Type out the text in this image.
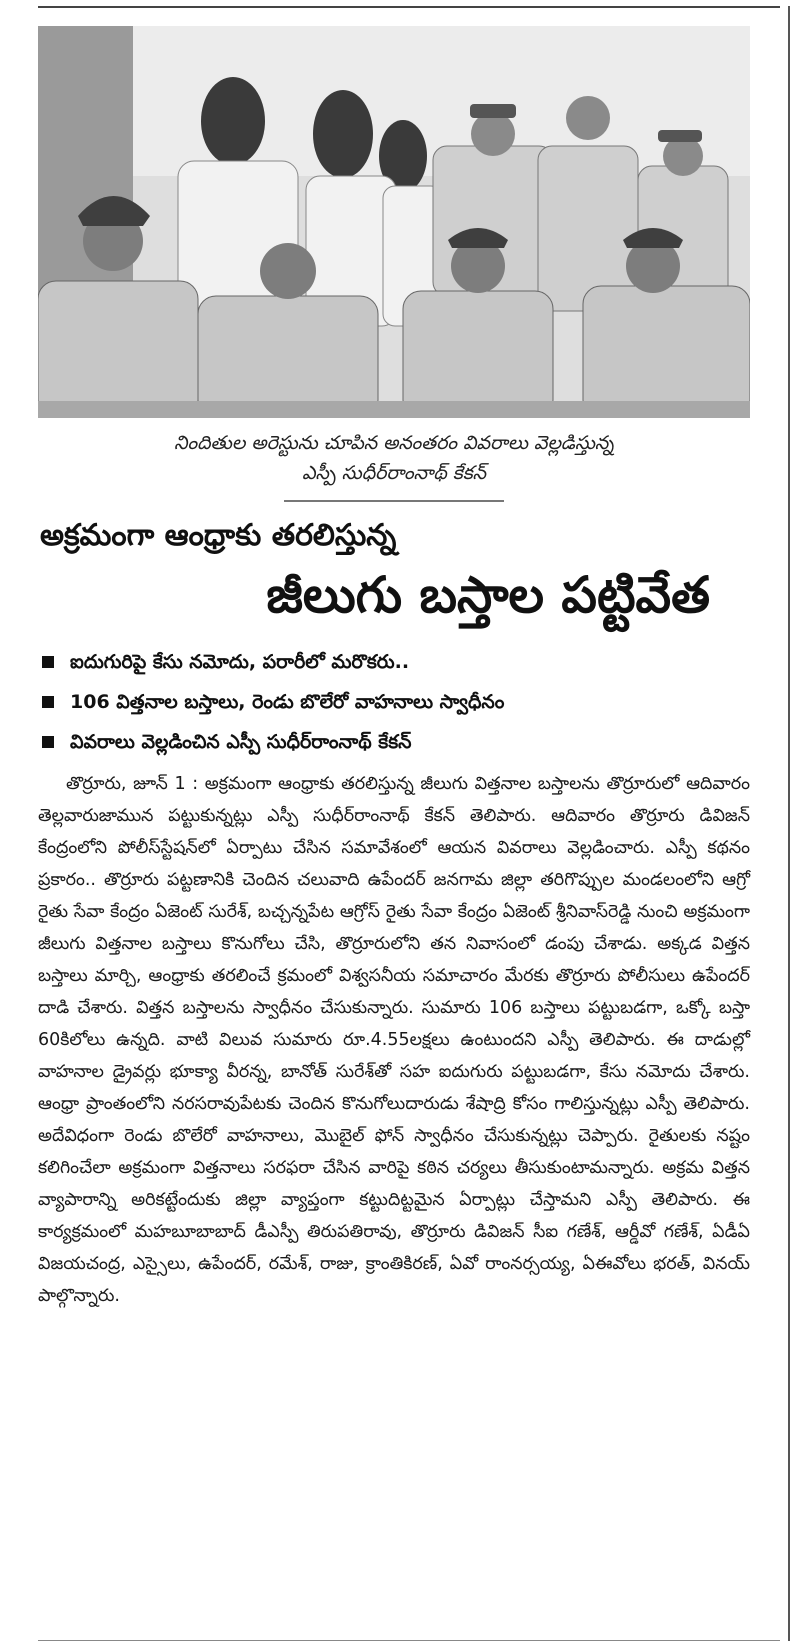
నిందితుల అరెస్టును చూపిన అనంతరం వివరాలు వెల్లడిస్తున్న
ఎస్పీ సుధీర్‌రాంనాథ్ కేకన్
అక్రమంగా ఆంధ్రాకు తరలిస్తున్న
జీలుగు బస్తాల పట్టివేత
ఐదుగురిపై కేసు నమోదు, పరారీలో మరొకరు..
106 విత్తనాల బస్తాలు, రెండు బొలేరో వాహనాలు స్వాధీనం
వివరాలు వెల్లడించిన ఎస్పీ సుధీర్‌రాంనాథ్ కేకన్
తొర్రూరు, జూన్ 1 : అక్రమంగా ఆంధ్రాకు తరలిస్తున్న జీలుగు విత్తనాల బస్తాలను తొర్రూరులో ఆదివారం తెల్లవారుజామున పట్టుకున్నట్లు ఎస్పీ సుధీర్‌రాంనాథ్ కేకన్ తెలిపారు. ఆదివారం తొర్రూరు డివిజన్ కేంద్రంలోని పోలీస్‌స్టేషన్‌లో ఏర్పాటు చేసిన సమావేశంలో ఆయన వివరాలు వెల్లడించారు. ఎస్పీ కథనం ప్రకారం.. తొర్రూరు పట్టణానికి చెందిన చలువాది ఉపేందర్ జనగామ జిల్లా తరిగొప్పుల మండలంలోని ఆగ్రో రైతు సేవా కేంద్రం ఏజెంట్ సురేశ్, బచ్చన్నపేట ఆగ్రోస్ రైతు సేవా కేంద్రం ఏజెంట్ శ్రీనివాస్‌రెడ్డి నుంచి అక్రమంగా జీలుగు విత్తనాల బస్తాలు కొనుగోలు చేసి, తొర్రూరులోని తన నివాసంలో డంపు చేశాడు. అక్కడ విత్తన బస్తాలు మార్చి, ఆంధ్రాకు తరలించే క్రమంలో విశ్వసనీయ సమాచారం మేరకు తొర్రూరు పోలీసులు ఉపేందర్ దాడి చేశారు. విత్తన బస్తాలను స్వాధీనం చేసుకున్నారు. సుమారు 106 బస్తాలు పట్టుబడగా, ఒక్కో బస్తా 60కిలోలు ఉన్నది. వాటి విలువ సుమారు రూ.4.55లక్షలు ఉంటుందని ఎస్పీ తెలిపారు. ఈ దాడుల్లో వాహనాల డ్రైవర్లు భూక్యా వీరన్న, బానోత్ సురేశ్‌తో సహ ఐదుగురు పట్టుబడగా, కేసు నమోదు చేశారు. ఆంధ్రా ప్రాంతంలోని నరసరావుపేటకు చెందిన కొనుగోలుదారుడు శేషాద్రి కోసం గాలిస్తున్నట్లు ఎస్పీ తెలిపారు. అదేవిధంగా రెండు బొలేరో వాహనాలు, మొబైల్ ఫోన్ స్వాధీనం చేసుకున్నట్లు చెప్పారు. రైతులకు నష్టం కలిగించేలా అక్రమంగా విత్తనాలు సరఫరా చేసిన వారిపై కఠిన చర్యలు తీసుకుంటామన్నారు. అక్రమ విత్తన వ్యాపారాన్ని అరికట్టేందుకు జిల్లా వ్యాప్తంగా కట్టుదిట్టమైన ఏర్పాట్లు చేస్తామని ఎస్పీ తెలిపారు. ఈ కార్యక్రమంలో మహబూబాబాద్ డీఎస్పీ తిరుపతిరావు, తొర్రూరు డివిజన్ సీఐ గణేశ్, ఆర్డీవో గణేశ్, ఏడీఏ విజయచంద్ర, ఎస్సైలు, ఉపేందర్, రమేశ్, రాజు, క్రాంతికిరణ్, ఏవో రాంనర్సయ్య, ఏఈవోలు భరత్, వినయ్ పాల్గొన్నారు.
